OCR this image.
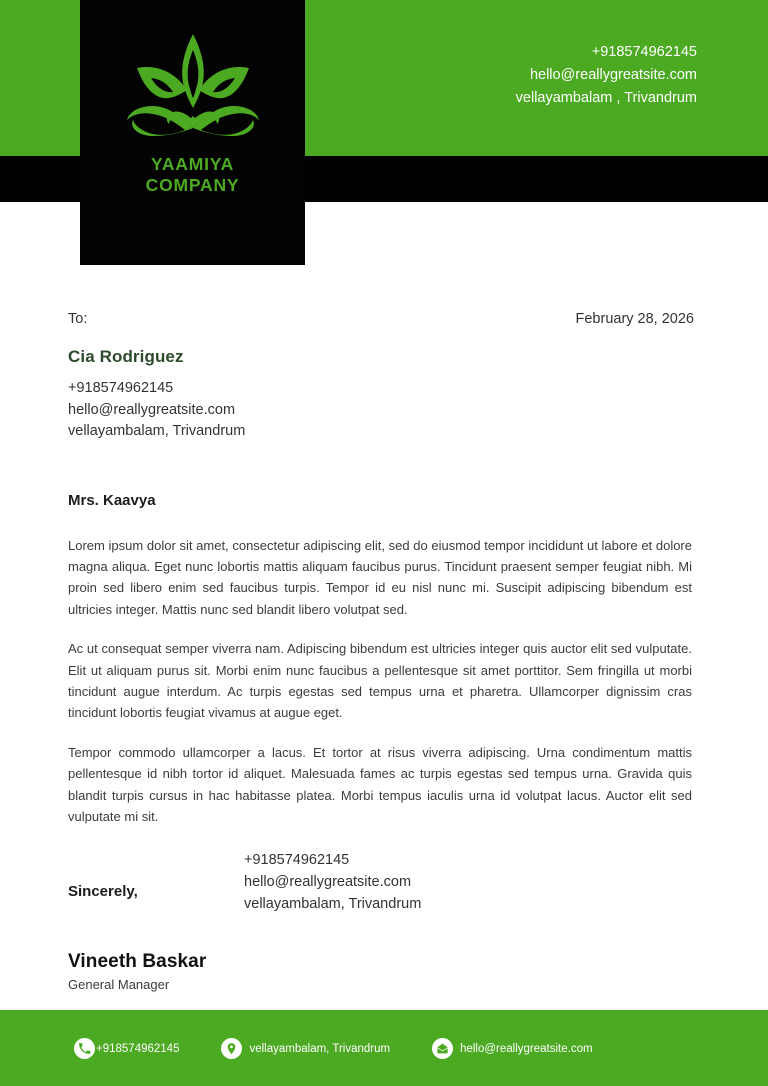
YAAMIYA
COMPANY
+918574962145
hello@reallygreatsite.com
vellayambalam , Trivandrum
To:	February 28, 2026
Cia Rodriguez
+918574962145
hello@reallygreatsite.com
vellayambalam, Trivandrum
Mrs. Kaavya

Lorem ipsum dolor sit amet, consectetur adipiscing elit, sed do eiusmod tempor incididunt ut labore et dolore magna aliqua. Eget nunc lobortis mattis aliquam faucibus purus. Tincidunt praesent semper feugiat nibh. Mi proin sed libero enim sed faucibus turpis. Tempor id eu nisl nunc mi. Suscipit adipiscing bibendum est ultricies integer. Mattis nunc sed blandit libero volutpat sed.

Ac ut consequat semper viverra nam. Adipiscing bibendum est ultricies integer quis auctor elit sed vulputate. Elit ut aliquam purus sit. Morbi enim nunc faucibus a pellentesque sit amet porttitor. Sem fringilla ut morbi tincidunt augue interdum. Ac turpis egestas sed tempus urna et pharetra. Ullamcorper dignissim cras tincidunt lobortis feugiat vivamus at augue eget.

Tempor commodo ullamcorper a lacus. Et tortor at risus viverra adipiscing. Urna condimentum mattis pellentesque id nibh tortor id aliquet. Malesuada fames ac turpis egestas sed tempus urna. Gravida quis blandit turpis cursus in hac habitasse platea. Morbi tempus iaculis urna id volutpat lacus. Auctor elit sed vulputate mi sit.

Sincerely,
+918574962145
hello@reallygreatsite.com
vellayambalam, Trivandrum
Vineeth Baskar
General Manager
+918574962145	vellayambalam, Trivandrum	hello@reallygreatsite.com
